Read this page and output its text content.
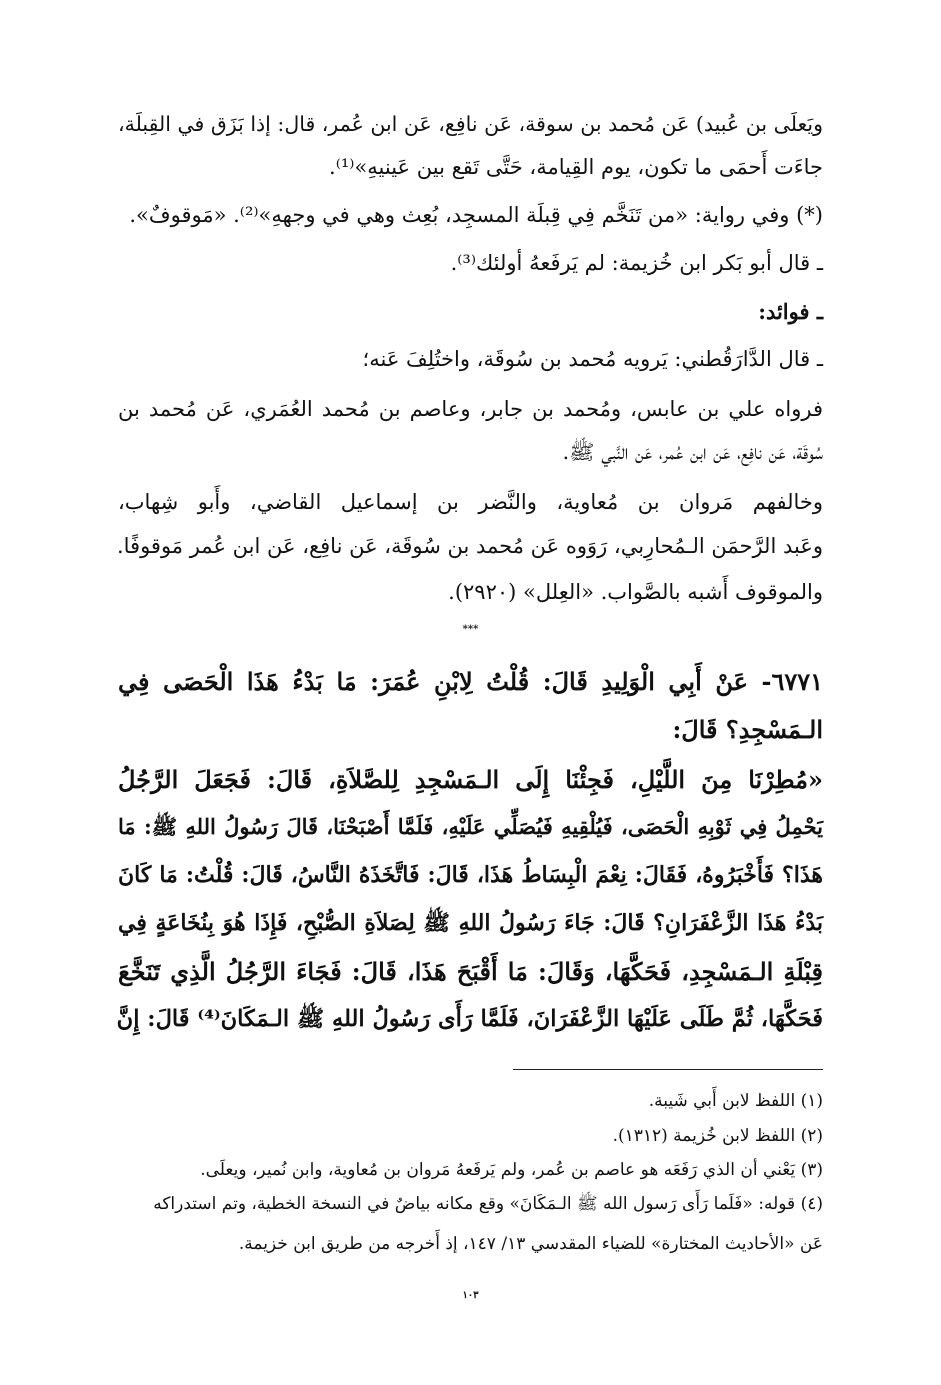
ويَعلَى بن عُبيد) عَن مُحمد بن سوقة، عَن نافِع، عَن ابن عُمر، قال: إذا بَزَق في القِبلَة،
جاءَت أَحمَى ما تكون، يوم القِيامة، حَتَّى تَقع بين عَينيهِ»⁽¹⁾.
(*) وفي رواية: «من تَنَخَّم فِي قِبلَة المسجِد، بُعِث وهي في وجههِ»⁽²⁾. «مَوقوفٌ».
ـ قال أبو بَكر ابن خُزيمة: لم يَرفَعهُ أولئك⁽³⁾.
ـ فوائد:
ـ قال الدَّارَقُطني: يَرويه مُحمد بن سُوقَة، واختُلِفَ عَنه؛
فرواه علي بن عابس، ومُحمد بن جابر، وعاصم بن مُحمد العُمَري، عَن مُحمد بن
سُوقَة، عَن نافِع، عَن ابن عُمر، عَن النَّبي ﷺ.
وخالفهم مَروان بن مُعاوية، والنَّضر بن إسماعيل القاضي، وأَبو شِهاب،
وعَبد الرَّحمَن الـمُحارِبي، رَوَوه عَن مُحمد بن سُوقَة، عَن نافِع، عَن ابن عُمر مَوقوفًا.
والموقوف أَشبه بالصَّواب. «العِلل» (٢٩٢٠).
***
٦٧٧١- عَنْ أَبِي الْوَلِيدِ قَالَ: قُلْتُ لِابْنِ عُمَرَ: مَا بَدْءُ هَذَا الْحَصَى فِي
الـمَسْجِدِ؟ قَالَ:
«مُطِرْنَا مِنَ اللَّيْلِ، فَجِئْنَا إِلَى الـمَسْجِدِ لِلصَّلاَةِ، قَالَ: فَجَعَلَ الرَّجُلُ
يَحْمِلُ فِي ثَوْبِهِ الْحَصَى، فَيُلْقِيهِ فَيُصَلِّي عَلَيْهِ، فَلَمَّا أَصْبَحْنَا، قَالَ رَسُولُ اللهِ ﷺ: مَا
هَذَا؟ فَأَخْبَرُوهُ، فَقَالَ: نِعْمَ الْبِسَاطُ هَذَا، قَالَ: فَاتَّخَذَهُ النَّاسُ، قَالَ: قُلْتُ: مَا كَانَ
بَدْءُ هَذَا الزَّعْفَرَانِ؟ قَالَ: جَاءَ رَسُولُ اللهِ ﷺ لِصَلاَةِ الصُّبْحِ، فَإِذَا هُوَ بِنُخَاعَةٍ فِي
قِبْلَةِ الـمَسْجِدِ، فَحَكَّهَا، وَقَالَ: مَا أَقْبَحَ هَذَا، قَالَ: فَجَاءَ الرَّجُلُ الَّذِي تَنَخَّعَ
فَحَكَّهَا، ثُمَّ طَلَى عَلَيْهَا الزَّعْفَرَانَ، فَلَمَّا رَأَى رَسُولُ اللهِ ﷺ الـمَكَانَ⁽⁴⁾ قَالَ: إِنَّ
(١) اللفظ لابن أَبي شَيبة.
(٢) اللفظ لابن خُزيمة (١٣١٢).
(٣) يَعْني أن الذي رَفَعَه هو عاصم بن عُمر، ولم يَرفَعهُ مَروان بن مُعاوية، وابن نُمير، ويعلَى.
(٤) قوله: «فَلَما رَأَى رَسول الله ﷺ الـمَكَانَ» وقع مكانه بياضٌ في النسخة الخطية، وتم استدراكه
عَن «الأحاديث المختارة» للضياء المقدسي ١٣/ ١٤٧، إذ أَخرجه من طريق ابن خزيمة.
١٠٣
